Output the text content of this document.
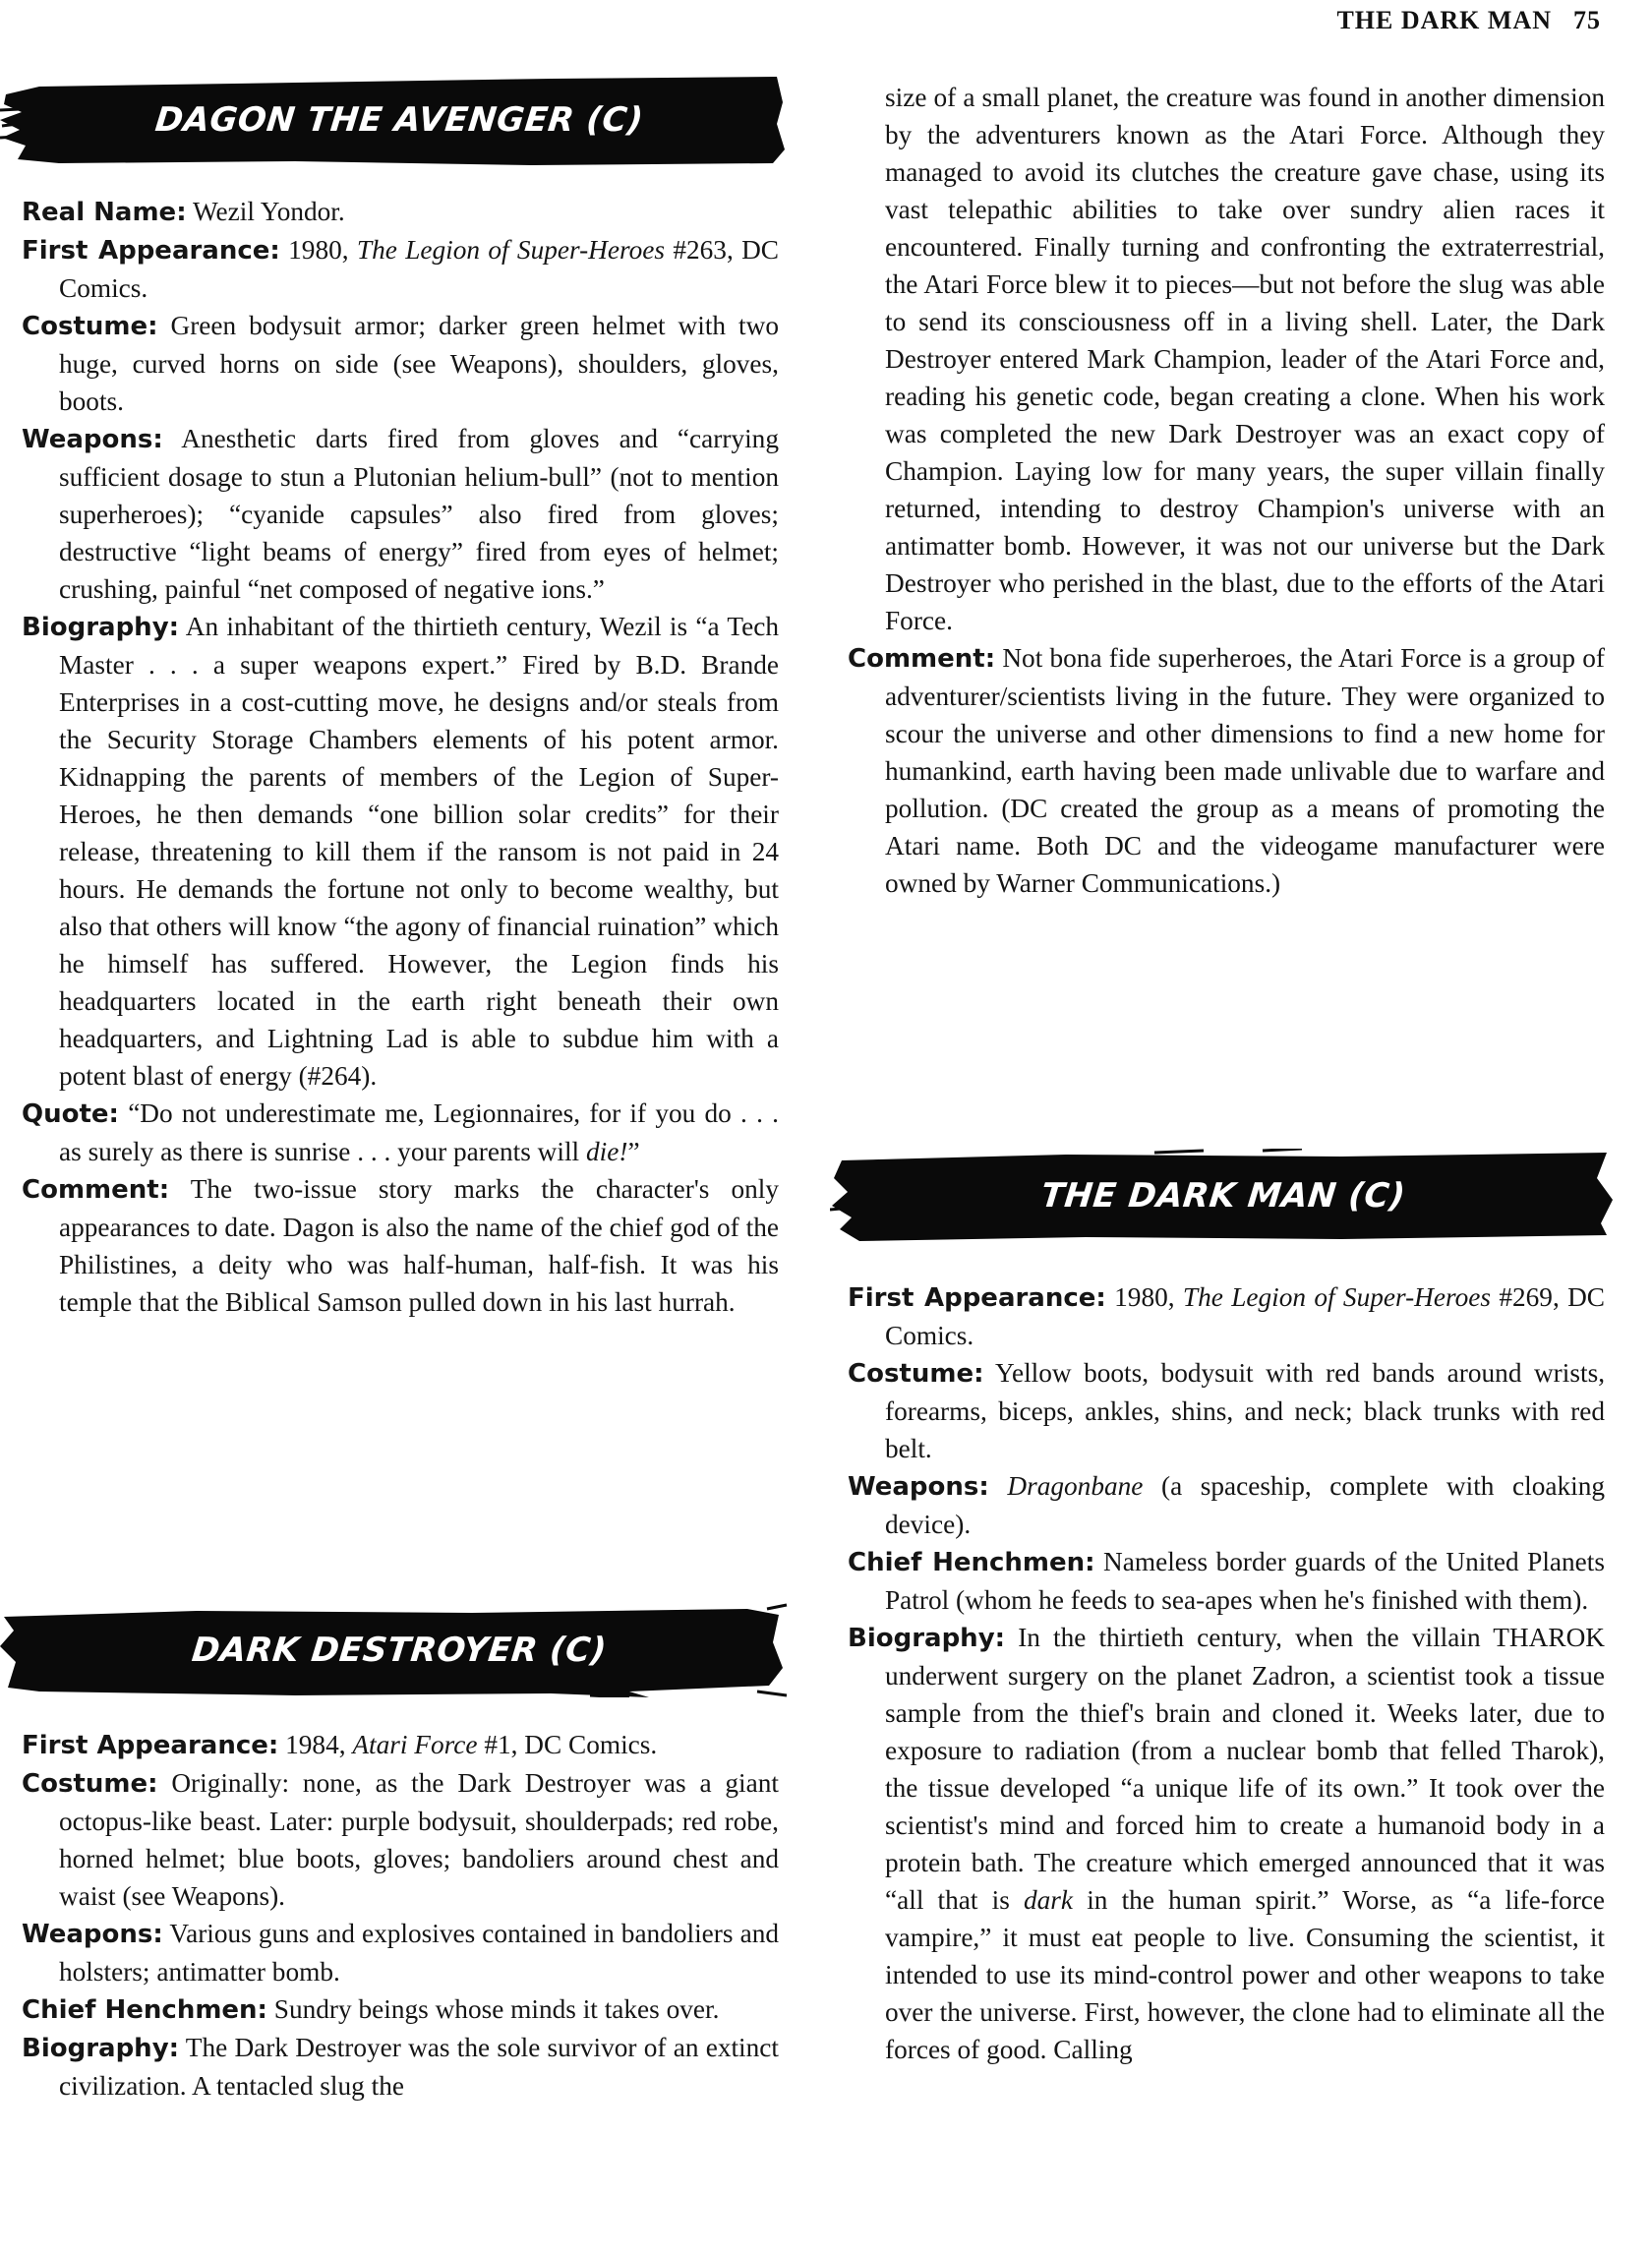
THE DARK MAN 75
DAGON THE AVENGER (C)

Real Name: Wezil Yondor.

First Appearance: 1980, The Legion of Super-Heroes #263, DC Comics.

Costume: Green bodysuit armor; darker green helmet with two huge, curved horns on side (see Weapons), shoulders, gloves, boots.

Weapons: Anesthetic darts fired from gloves and “carrying sufficient dosage to stun a Plutonian helium-bull” (not to mention superheroes); “cyanide capsules” also fired from gloves; destructive “light beams of energy” fired from eyes of helmet; crushing, painful “net composed of negative ions.”

Biography: An inhabitant of the thirtieth century, Wezil is “a Tech Master . . . a super weapons expert.” Fired by B.D. Brande Enterprises in a cost-cutting move, he designs and/or steals from the Security Storage Chambers elements of his potent armor. Kidnapping the parents of members of the Legion of Super-Heroes, he then demands “one billion solar credits” for their release, threatening to kill them if the ransom is not paid in 24 hours. He demands the fortune not only to become wealthy, but also that others will know “the agony of financial ruination” which he himself has suffered. However, the Legion finds his headquarters located in the earth right beneath their own headquarters, and Lightning Lad is able to subdue him with a potent blast of energy (#264).

Quote: “Do not underestimate me, Legionnaires, for if you do . . . as surely as there is sunrise . . . your parents will die!”

Comment: The two-issue story marks the character's only appearances to date. Dagon is also the name of the chief god of the Philistines, a deity who was half-human, half-fish. It was his temple that the Biblical Samson pulled down in his last hurrah.

DARK DESTROYER (C)

First Appearance: 1984, Atari Force #1, DC Comics.

Costume: Originally: none, as the Dark Destroyer was a giant octopus-like beast. Later: purple bodysuit, shoulderpads; red robe, horned helmet; blue boots, gloves; bandoliers around chest and waist (see Weapons).

Weapons: Various guns and explosives contained in bandoliers and holsters; antimatter bomb.

Chief Henchmen: Sundry beings whose minds it takes over.

Biography: The Dark Destroyer was the sole survivor of an extinct civilization. A tentacled slug the

size of a small planet, the creature was found in another dimension by the adventurers known as the Atari Force. Although they managed to avoid its clutches the creature gave chase, using its vast telepathic abilities to take over sundry alien races it encountered. Finally turning and confronting the extraterrestrial, the Atari Force blew it to pieces—but not before the slug was able to send its consciousness off in a living shell. Later, the Dark Destroyer entered Mark Champion, leader of the Atari Force and, reading his genetic code, began creating a clone. When his work was completed the new Dark Destroyer was an exact copy of Champion. Laying low for many years, the super villain finally returned, intending to destroy Champion's universe with an antimatter bomb. However, it was not our universe but the Dark Destroyer who perished in the blast, due to the efforts of the Atari Force.

Comment: Not bona fide superheroes, the Atari Force is a group of adventurer/scientists living in the future. They were organized to scour the universe and other dimensions to find a new home for humankind, earth having been made unlivable due to warfare and pollution. (DC created the group as a means of promoting the Atari name. Both DC and the videogame manufacturer were owned by Warner Communications.)

THE DARK MAN (C)

First Appearance: 1980, The Legion of Super-Heroes #269, DC Comics.

Costume: Yellow boots, bodysuit with red bands around wrists, forearms, biceps, ankles, shins, and neck; black trunks with red belt.

Weapons: Dragonbane (a spaceship, complete with cloaking device).

Chief Henchmen: Nameless border guards of the United Planets Patrol (whom he feeds to sea-apes when he's finished with them).

Biography: In the thirtieth century, when the villain THAROK underwent surgery on the planet Zadron, a scientist took a tissue sample from the thief's brain and cloned it. Weeks later, due to exposure to radiation (from a nuclear bomb that felled Tharok), the tissue developed “a unique life of its own.” It took over the scientist's mind and forced him to create a humanoid body in a protein bath. The creature which emerged announced that it was “all that is dark in the human spirit.” Worse, as “a life-force vampire,” it must eat people to live. Consuming the scientist, it intended to use its mind-control power and other weapons to take over the universe. First, however, the clone had to eliminate all the forces of good. Calling
